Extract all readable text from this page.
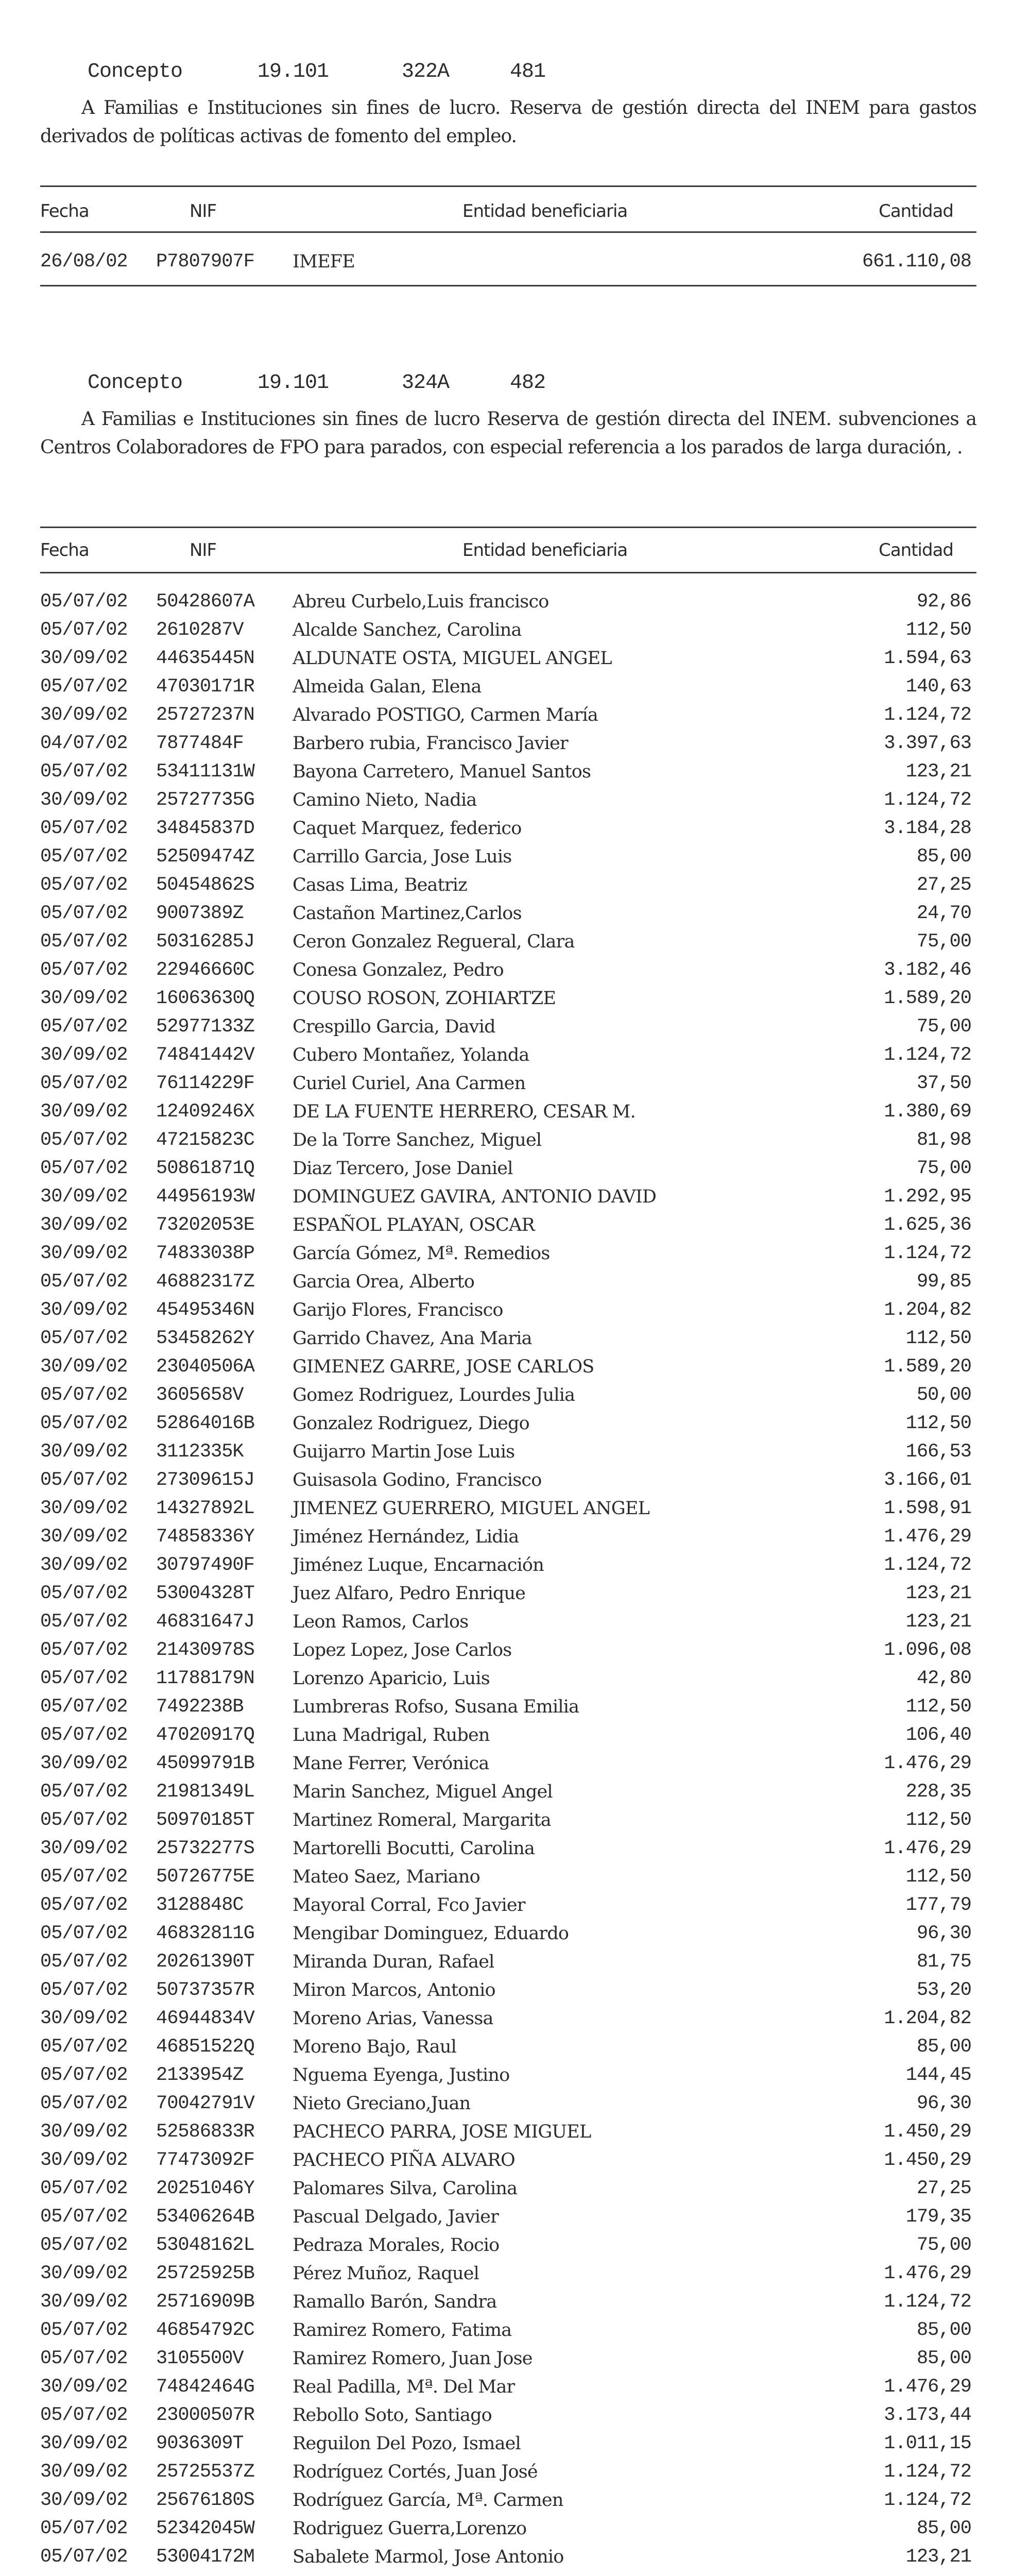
Concepto	19.101	322A	481

A Familias e Instituciones sin fines de lucro. Reserva de gestión directa del INEM para gastos derivados de políticas activas de fomento del empleo.

Fecha	NIF	Entidad beneficiaria	Cantidad
26/08/02 P7807907F IMEFE	661.110,08

Concepto	19.101	324A	482

A Familias e Instituciones sin fines de lucro Reserva de gestión directa del INEM. subvenciones a Centros Colaboradores de FPO para parados, con especial referencia a los parados de larga duración, .

Fecha	NIF	Entidad beneficiaria	Cantidad
05/07/02 50428607A Abreu Curbelo,Luis francisco	92,86
05/07/02 2610287V	Alcalde Sanchez, Carolina	112,50
30/09/02 44635445N ALDUNATE OSTA, MIGUEL ANGEL	1.594,63
05/07/02 47030171R Almeida Galan, Elena	140,63
30/09/02 25727237N Alvarado POSTIGO, Carmen María	1.124,72
04/07/02 7877484F	Barbero rubia, Francisco Javier	3.397,63
05/07/02 53411131W Bayona Carretero, Manuel Santos	123,21
30/09/02 25727735G Camino Nieto, Nadia	1.124,72
05/07/02 34845837D Caquet Marquez, federico	3.184,28
05/07/02 52509474Z Carrillo Garcia, Jose Luis	85,00
05/07/02 50454862S Casas Lima, Beatriz	27,25
05/07/02 9007389Z	Castañon Martinez,Carlos	24,70
05/07/02 50316285J Ceron Gonzalez Regueral, Clara	75,00
05/07/02 22946660C Conesa Gonzalez, Pedro	3.182,46
30/09/02 16063630Q COUSO ROSON, ZOHIARTZE	1.589,20
05/07/02 52977133Z Crespillo Garcia, David	75,00
30/09/02 74841442V Cubero Montañez, Yolanda	1.124,72
05/07/02 76114229F Curiel Curiel, Ana Carmen	37,50
30/09/02 12409246X DE LA FUENTE HERRERO, CESAR M.	1.380,69
05/07/02 47215823C De la Torre Sanchez, Miguel	81,98
05/07/02 50861871Q Diaz Tercero, Jose Daniel	75,00
30/09/02 44956193W DOMINGUEZ GAVIRA, ANTONIO DAVID	1.292,95
30/09/02 73202053E ESPAÑOL PLAYAN, OSCAR	1.625,36
30/09/02 74833038P García Gómez, Mª. Remedios	1.124,72
05/07/02 46882317Z Garcia Orea, Alberto	99,85
30/09/02 45495346N Garijo Flores, Francisco	1.204,82
05/07/02 53458262Y Garrido Chavez, Ana Maria	112,50
30/09/02 23040506A GIMENEZ GARRE, JOSE CARLOS	1.589,20
05/07/02 3605658V	Gomez Rodriguez, Lourdes Julia	50,00
05/07/02 52864016B Gonzalez Rodriguez, Diego	112,50
30/09/02 3112335K	Guijarro Martin Jose Luis	166,53
05/07/02 27309615J Guisasola Godino, Francisco	3.166,01
30/09/02 14327892L JIMENEZ GUERRERO, MIGUEL ANGEL	1.598,91
30/09/02 74858336Y Jiménez Hernández, Lidia	1.476,29
30/09/02 30797490F Jiménez Luque, Encarnación	1.124,72
05/07/02 53004328T Juez Alfaro, Pedro Enrique	123,21
05/07/02 46831647J Leon Ramos, Carlos	123,21
05/07/02 21430978S Lopez Lopez, Jose Carlos	1.096,08
05/07/02 11788179N Lorenzo Aparicio, Luis	42,80
05/07/02 7492238B	Lumbreras Rofso, Susana Emilia	112,50
05/07/02 47020917Q Luna Madrigal, Ruben	106,40
30/09/02 45099791B Mane Ferrer, Verónica	1.476,29
05/07/02 21981349L Marin Sanchez, Miguel Angel	228,35
05/07/02 50970185T Martinez Romeral, Margarita	112,50
30/09/02 25732277S Martorelli Bocutti, Carolina	1.476,29
05/07/02 50726775E Mateo Saez, Mariano	112,50
05/07/02 3128848C	Mayoral Corral, Fco Javier	177,79
05/07/02 46832811G Mengibar Dominguez, Eduardo	96,30
05/07/02 20261390T Miranda Duran, Rafael	81,75
05/07/02 50737357R Miron Marcos, Antonio	53,20
30/09/02 46944834V Moreno Arias, Vanessa	1.204,82
05/07/02 46851522Q Moreno Bajo, Raul	85,00
05/07/02 2133954Z	Nguema Eyenga, Justino	144,45
05/07/02 70042791V Nieto Greciano,Juan	96,30
30/09/02 52586833R PACHECO PARRA, JOSE MIGUEL	1.450,29
30/09/02 77473092F PACHECO PIÑA ALVARO	1.450,29
05/07/02 20251046Y Palomares Silva, Carolina	27,25
05/07/02 53406264B Pascual Delgado, Javier	179,35
05/07/02 53048162L Pedraza Morales, Rocio	75,00
30/09/02 25725925B Pérez Muñoz, Raquel	1.476,29
30/09/02 25716909B Ramallo Barón, Sandra	1.124,72
05/07/02 46854792C Ramirez Romero, Fatima	85,00
05/07/02 3105500V	Ramirez Romero, Juan Jose	85,00
30/09/02 74842464G Real Padilla, Mª. Del Mar	1.476,29
05/07/02 23000507R Rebollo Soto, Santiago	3.173,44
30/09/02 9036309T	Reguilon Del Pozo, Ismael	1.011,15
30/09/02 25725537Z Rodríguez Cortés, Juan José	1.124,72
30/09/02 25676180S Rodríguez García, Mª. Carmen	1.124,72
05/07/02 52342045W Rodriguez Guerra,Lorenzo	85,00
05/07/02 53004172M Sabalete Marmol, Jose Antonio	123,21
